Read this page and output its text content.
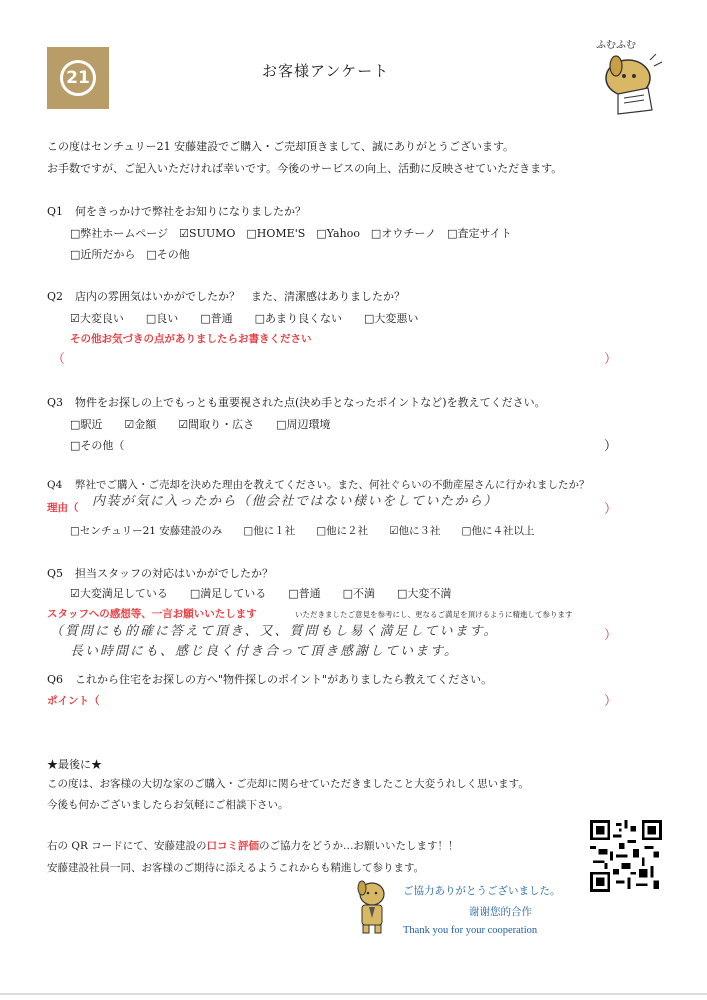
21	お客様アンケート
ふむふむ
この度はセンチュリー21 安藤建設でご購入・ご売却頂きまして、誠にありがとうございます。
お手数ですが、ご記入いただければ幸いです。今後のサービスの向上、活動に反映させていただきます。
Q1 何をきっかけで弊社をお知りになりましたか？
□弊社ホームページ　☑SUUMO　□HOME'S　□Yahoo　□オウチーノ　□査定サイト
□近所だから　□その他
Q2 店内の雰囲気はいかがでしたか？　また、清潔感はありましたか？
☑大変良い　　□良い　　□普通　　□あまり良くない　　□大変悪い
その他お気づきの点がありましたらお書きください
（	）
Q3 物件をお探しの上でもっとも重要視された点(決め手となったポイントなど)を教えてください。
□駅近　　☑金額　　☑間取り・広さ　　□周辺環境
□その他（	）
Q4 弊社でご購入・ご売却を決めた理由を教えてください。また、何社ぐらいの不動産屋さんに行かれましたか？
理由（ 内装が気に入ったから（他会社ではない様いをしていたから）
）
□センチュリー21 安藤建設のみ　　□他に１社　　□他に２社　　☑他に３社　　□他に４社以上
Q5 担当スタッフの対応はいかがでしたか？
☑大変満足している　　□満足している　　□普通　　□不満　　□大変不満
スタッフへの感想等、一言お願いいたします	いただきましたご意見を参考にし、更なるご満足を頂けるように精進して参ります
（質問にも的確に答えて頂き、又、質問もし易く満足しています。
長い時間にも、感じ良く付き合って頂き感謝しています。
）
Q6 これから住宅をお探しの方へ"物件探しのポイント"がありましたら教えてください。
ポイント（	）
★最後に★
この度は、お客様の大切な家のご購入・ご売却に関らせていただきましたこと大変うれしく思います。
今後も何かございましたらお気軽にご相談下さい。
右の QR コードにて、安藤建設の口コミ評価のご協力をどうか…お願いいたします！！
安藤建設社員一同、お客様のご期待に添えるようこれからも精進して参ります。
ご協力ありがとうございました。
谢谢您的合作
Thank you for your cooperation
